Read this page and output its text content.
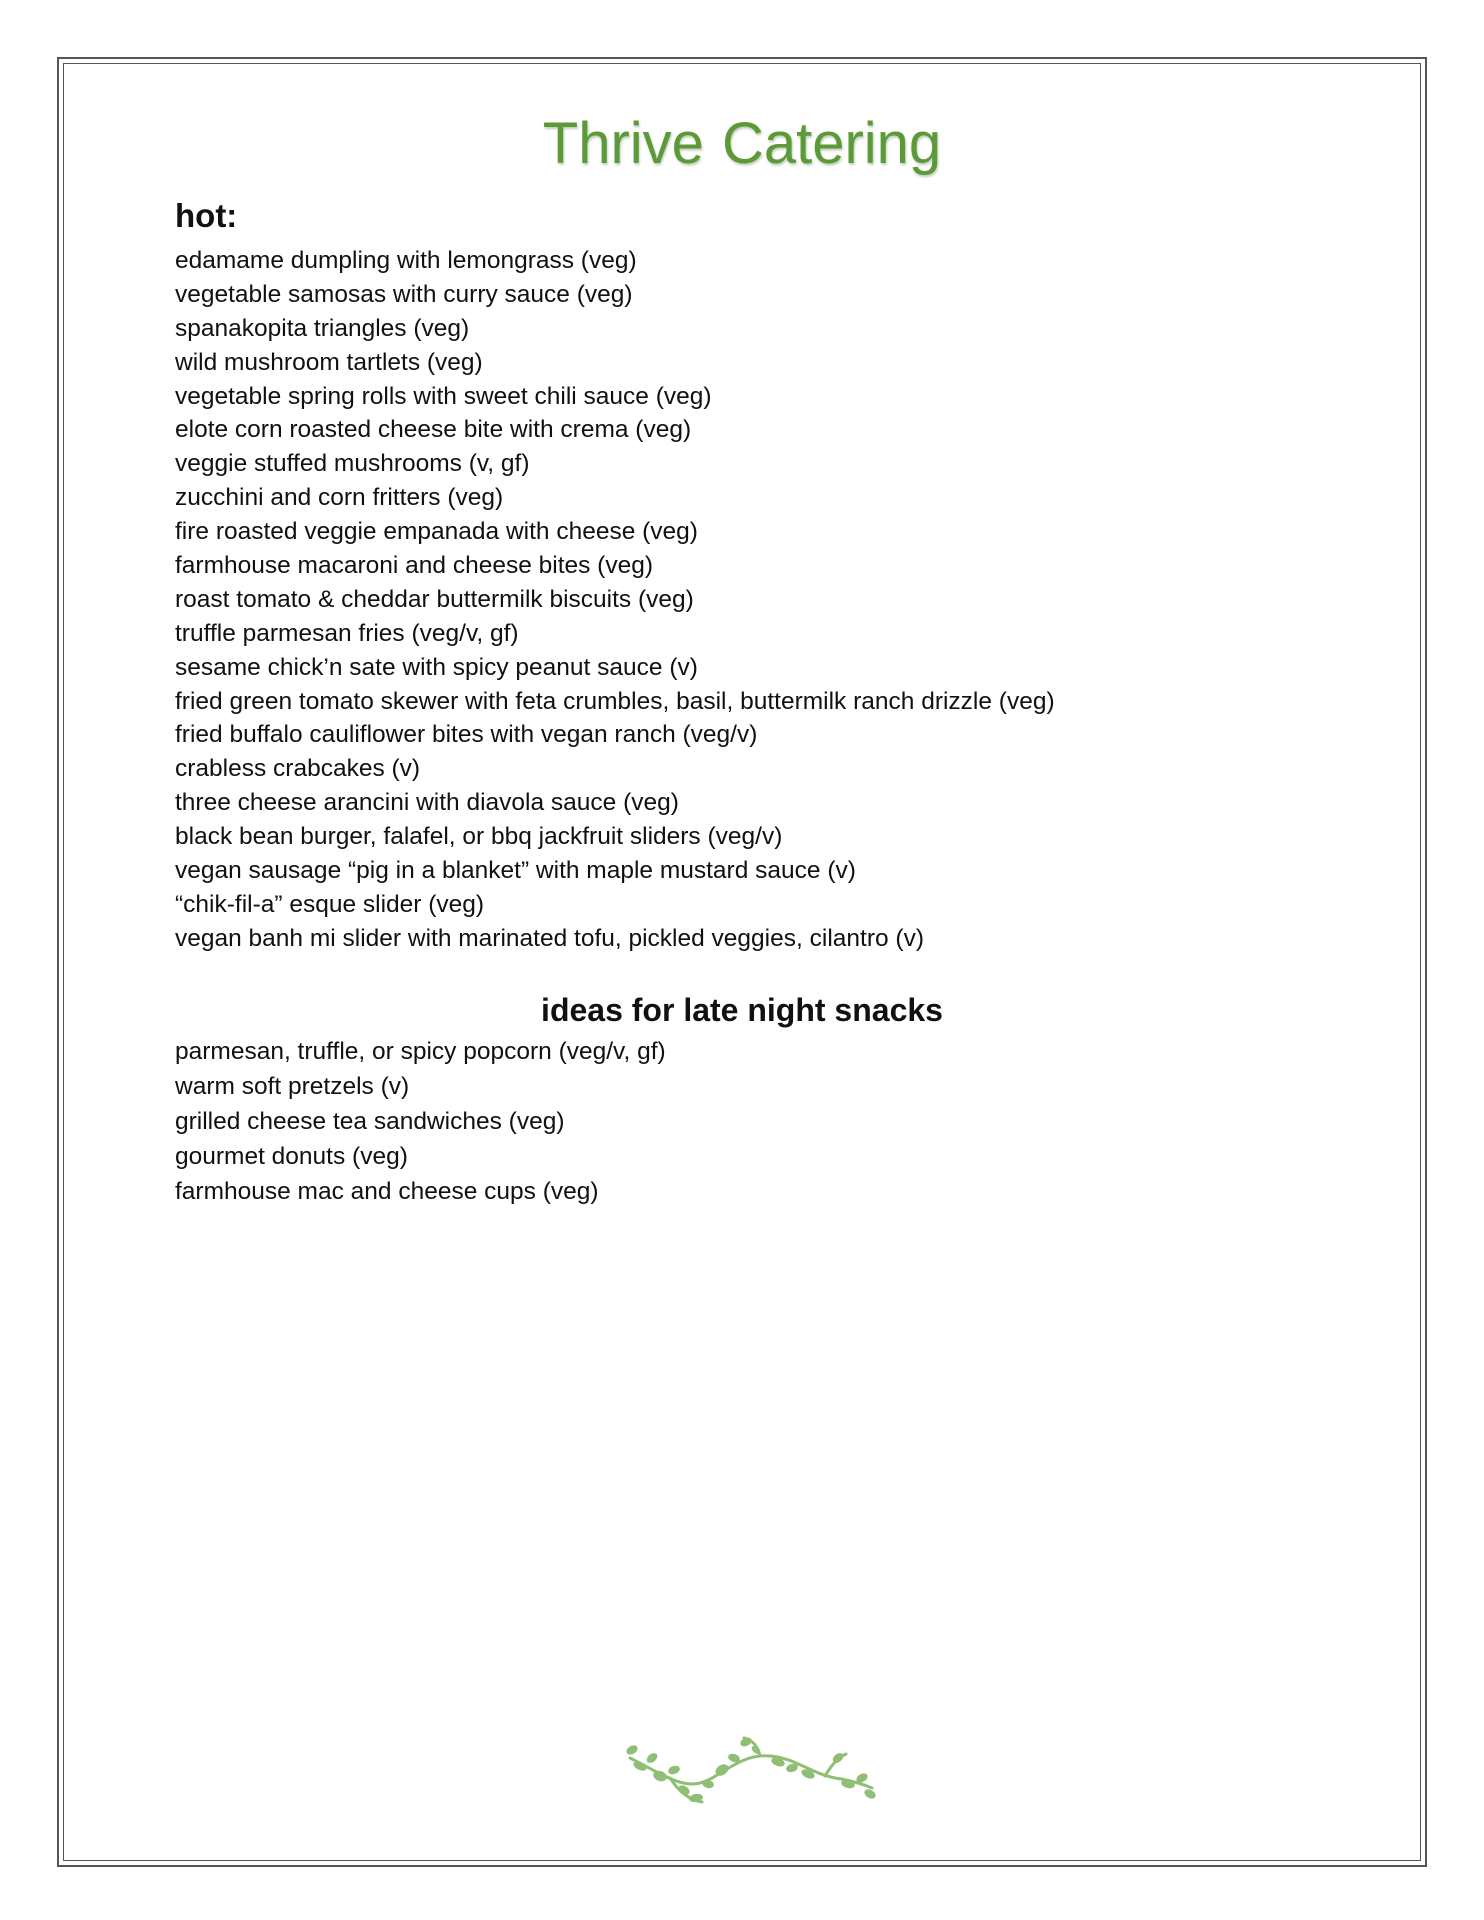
Thrive Catering
hot:
edamame dumpling with lemongrass (veg)
vegetable samosas with curry sauce (veg)
spanakopita triangles (veg)
wild mushroom tartlets (veg)
vegetable spring rolls with sweet chili sauce (veg)
elote corn roasted cheese bite with crema (veg)
veggie stuffed mushrooms (v, gf)
zucchini and corn fritters (veg)
fire roasted veggie empanada with cheese (veg)
farmhouse macaroni and cheese bites (veg)
roast tomato & cheddar buttermilk biscuits (veg)
truffle parmesan fries (veg/v, gf)
sesame chick’n sate with spicy peanut sauce (v)
fried green tomato skewer with feta crumbles, basil, buttermilk ranch drizzle (veg)
fried buffalo cauliflower bites with vegan ranch (veg/v)
crabless crabcakes (v)
three cheese arancini with diavola sauce (veg)
black bean burger, falafel, or bbq jackfruit sliders (veg/v)
vegan sausage “pig in a blanket” with maple mustard sauce (v)
“chik-fil-a” esque slider (veg)
vegan banh mi slider with marinated tofu, pickled veggies, cilantro (v)
ideas for late night snacks
parmesan, truffle, or spicy popcorn (veg/v, gf)
warm soft pretzels (v)
grilled cheese tea sandwiches (veg)
gourmet donuts (veg)
farmhouse mac and cheese cups (veg)
